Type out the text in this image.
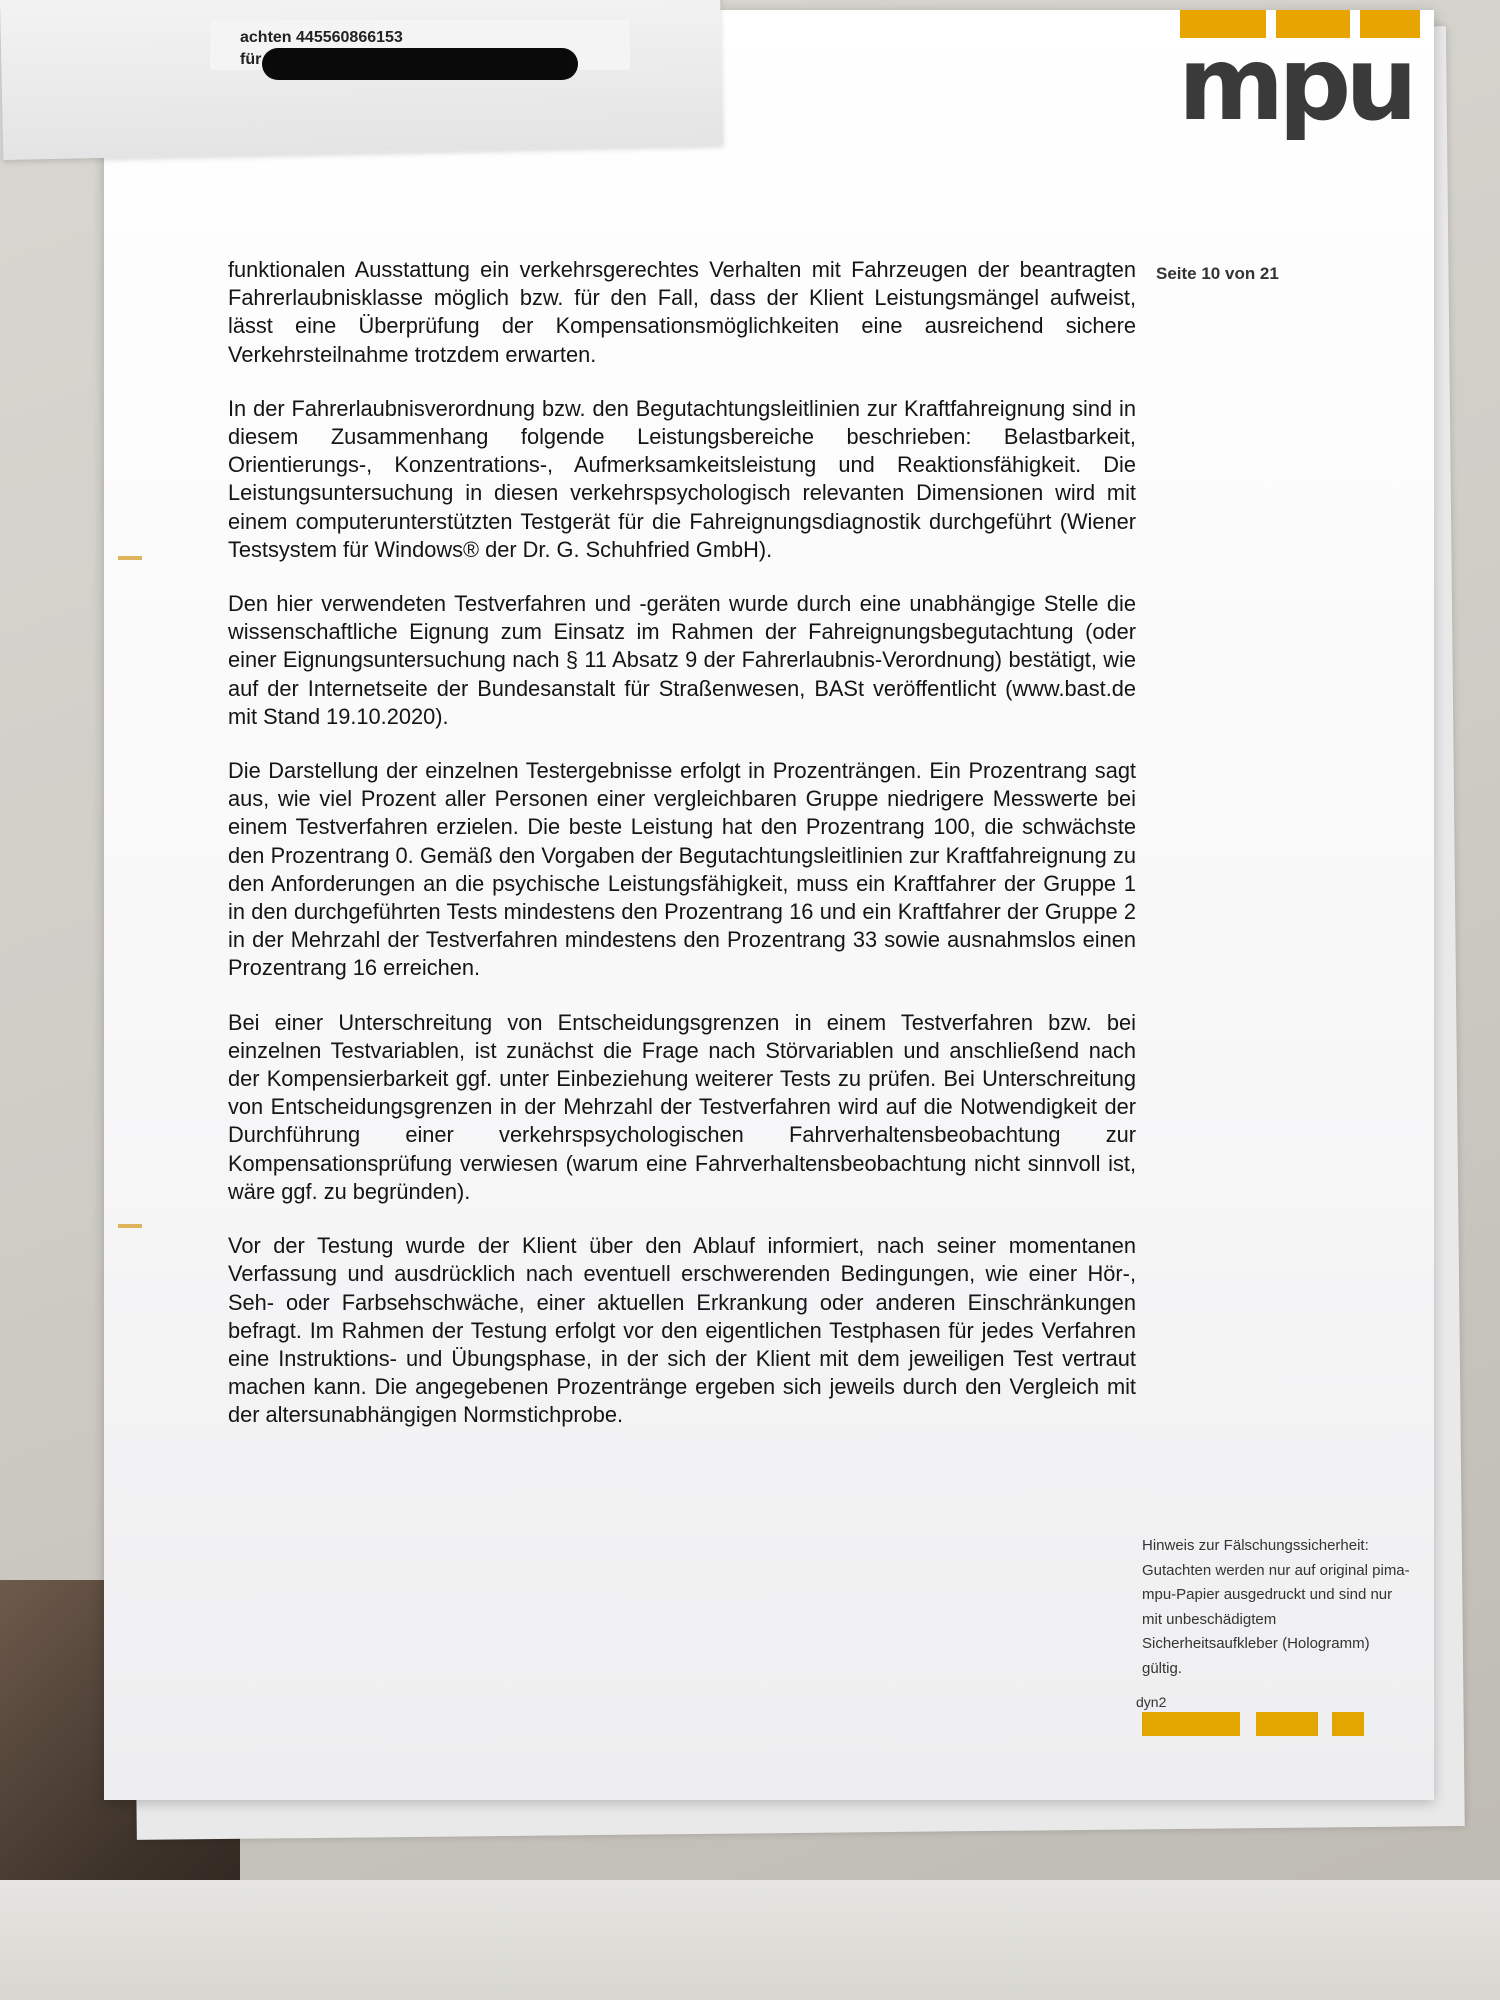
achten 445560866153

für	mpu
Seite 10 von 21

funktionalen Ausstattung ein verkehrsgerechtes Verhalten mit Fahrzeugen der beantragten Fahrerlaubnisklasse möglich bzw. für den Fall, dass der Klient Leistungsmängel aufweist, lässt eine Überprüfung der Kompensationsmöglichkeiten eine ausreichend sichere Verkehrsteilnahme trotzdem erwarten.

In der Fahrerlaubnisverordnung bzw. den Begutachtungsleitlinien zur Kraftfahreignung sind in diesem Zusammenhang folgende Leistungsbereiche beschrieben: Belastbarkeit, Orientierungs-, Konzentrations-, Aufmerksamkeitsleistung und Reaktionsfähigkeit. Die Leistungsuntersuchung in diesen verkehrspsychologisch relevanten Dimensionen wird mit einem computerunterstützten Testgerät für die Fahreignungsdiagnostik durchgeführt (Wiener Testsystem für Windows® der Dr. G. Schuhfried GmbH).

Den hier verwendeten Testverfahren und -geräten wurde durch eine unabhängige Stelle die wissenschaftliche Eignung zum Einsatz im Rahmen der Fahreignungsbegutachtung (oder einer Eignungsuntersuchung nach § 11 Absatz 9 der Fahrerlaubnis-Verordnung) bestätigt, wie auf der Internetseite der Bundesanstalt für Straßenwesen, BASt veröffentlicht (www.bast.de mit Stand 19.10.2020).

Die Darstellung der einzelnen Testergebnisse erfolgt in Prozenträngen. Ein Prozentrang sagt aus, wie viel Prozent aller Personen einer vergleichbaren Gruppe niedrigere Messwerte bei einem Testverfahren erzielen. Die beste Leistung hat den Prozentrang 100, die schwächste den Prozentrang 0. Gemäß den Vorgaben der Begutachtungsleitlinien zur Kraftfahreignung zu den Anforderungen an die psychische Leistungsfähigkeit, muss ein Kraftfahrer der Gruppe 1 in den durchgeführten Tests mindestens den Prozentrang 16 und ein Kraftfahrer der Gruppe 2 in der Mehrzahl der Testverfahren mindestens den Prozentrang 33 sowie ausnahmslos einen Prozentrang 16 erreichen.

Bei einer Unterschreitung von Entscheidungsgrenzen in einem Testverfahren bzw. bei einzelnen Testvariablen, ist zunächst die Frage nach Störvariablen und anschließend nach der Kompensierbarkeit ggf. unter Einbeziehung weiterer Tests zu prüfen. Bei Unterschreitung von Entscheidungsgrenzen in der Mehrzahl der Testverfahren wird auf die Notwendigkeit der Durchführung einer verkehrspsychologischen Fahrverhaltensbeobachtung zur Kompensationsprüfung verwiesen (warum eine Fahrverhaltensbeobachtung nicht sinnvoll ist, wäre ggf. zu begründen).

Vor der Testung wurde der Klient über den Ablauf informiert, nach seiner momentanen Verfassung und ausdrücklich nach eventuell erschwerenden Bedingungen, wie einer Hör-, Seh- oder Farbsehschwäche, einer aktuellen Erkrankung oder anderen Einschränkungen befragt. Im Rahmen der Testung erfolgt vor den eigentlichen Testphasen für jedes Verfahren eine Instruktions- und Übungsphase, in der sich der Klient mit dem jeweiligen Test vertraut machen kann. Die angegebenen Prozentränge ergeben sich jeweils durch den Vergleich mit der altersunabhängigen Normstichprobe.

Hinweis zur Fälschungssicherheit: Gutachten werden nur auf original pima-mpu-Papier ausgedruckt und sind nur mit unbeschädigtem Sicherheitsaufkleber (Hologramm) gültig.
dyn2
